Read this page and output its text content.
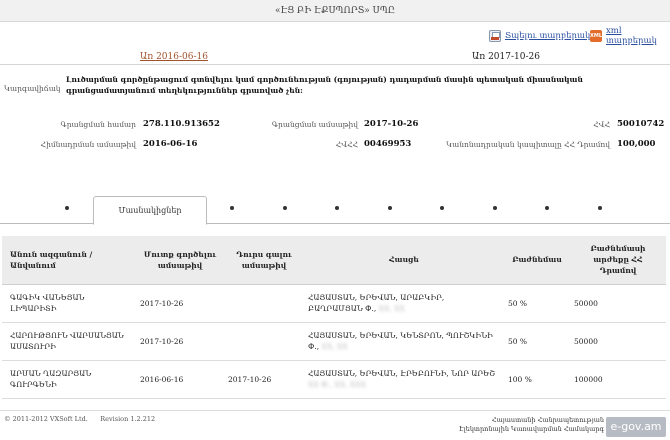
«ԷՑ ԲԻ ԷՔՍՊՈՐՏ» ՍՊԸ
Տպելու տարբերակ XML xml տարբերակ
Առ 2016-06-16	Առ 2017-10-26
Կարգավիճակ
Լուծարման գործընթացում գտնվելու կամ գործունեության (գոյության) դադարման մասին պետական միասնական գրանցամատյանում տեղեկություններ գրառված չեն:
Գրանցման համար 278.110.913652	Գրանցման ամսաթիվ 2017-10-26	ՀՎՀ 50010742
Հիմնադրման ամսաթիվ 2016-06-16	ՀՎՀՀ 00469953	Կանոնադրական կապիտալը ՀՀ Դրամով 100,000
Մասնակիցներ
Անուն ազգանուն / Անվանում	Մուտք գործելու ամսաթիվ	Դուրս գալու ամսաթիվ	Հասցե	Բաժնեմաս	Բաժնեմասի արժեքը ՀՀ Դրամով
ԳԱԳԻԿ ՎԱՆԵՅԱՆ ԼԻՊԱՐԻՏԻ	2017-10-26		ՀԱՅԱՍՏԱՆ, ԵՐԵՎԱՆ, ԱՐԱԲԿԻՐ, ԲԱՂՐԱՄՅԱՆ Փ., XX, XX	50 %	50000
ՀԱՐՈՒԹՅՈՒՆ ՎԱՐՍԱՆՅԱՆ ԱՍԱՏՈՒՐԻ	2017-10-26		ՀԱՅԱՍՏԱՆ, ԵՐԵՎԱՆ, ԿԵՆՏՐՈՆ, ՊՈՒՇԿԻՆԻ Փ., XX, XX	50 %	50000
ԱՐՄԱՆ ՂԱԶԱՐՅԱՆ ԳՈՒՐԳԵՆԻ	2016-06-16	2017-10-26	ՀԱՅԱՍՏԱՆ, ԵՐԵՎԱՆ, ԷՐԵԲՈՒՆԻ, ՆՈՐ ԱՐԵՇ XX Փ., XX, XXX	100 %	100000
© 2011-2012 VXSoft Ltd. Revision 1.2.212	Հայաստանի Հանրապետության
Էլեկտրոնային Կառավարման Համակարգ e-gov.am
